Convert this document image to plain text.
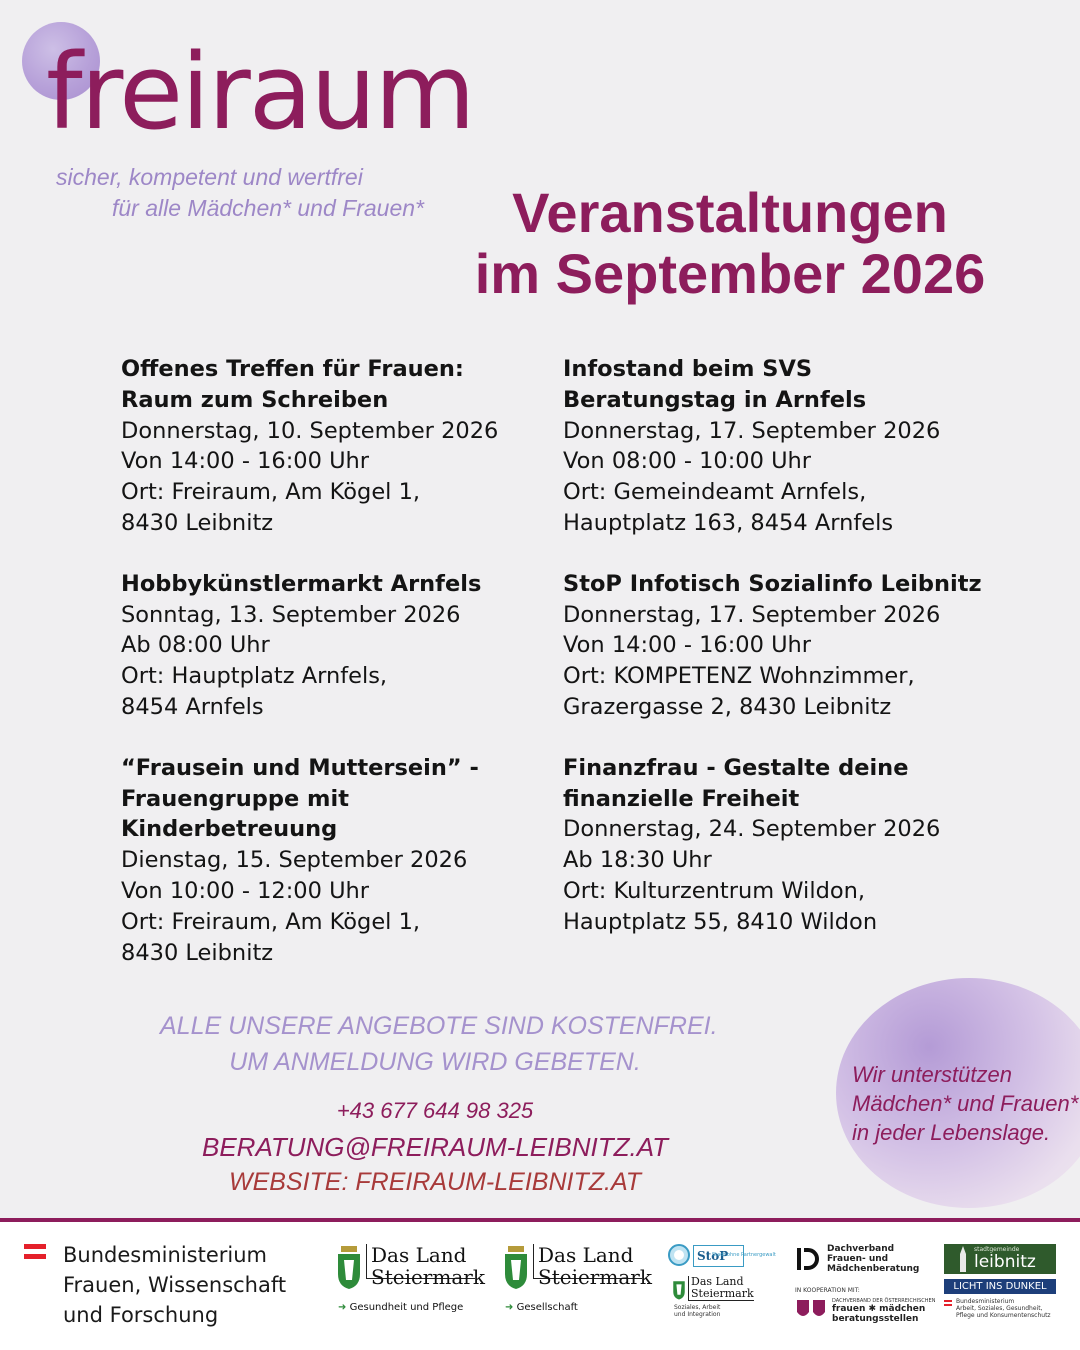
freiraum
sicher, kompetent und wertfrei
für alle Mädchen* und Frauen*	Veranstaltungen
im September 2026
Offenes Treffen für Frauen:
Raum zum Schreiben
Donnerstag, 10. September 2026
Von 14:00 - 16:00 Uhr
Ort: Freiraum, Am Kögel 1,
8430 Leibnitz
Hobbykünstlermarkt Arnfels
Sonntag, 13. September 2026
Ab 08:00 Uhr
Ort: Hauptplatz Arnfels,
8454 Arnfels
“Frausein und Muttersein” -
Frauengruppe mit
Kinderbetreuung
Dienstag, 15. September 2026
Von 10:00 - 12:00 Uhr
Ort: Freiraum, Am Kögel 1,
8430 Leibnitz
Infostand beim SVS
Beratungstag in Arnfels
Donnerstag, 17. September 2026
Von 08:00 - 10:00 Uhr
Ort: Gemeindeamt Arnfels,
Hauptplatz 163, 8454 Arnfels
StoP Infotisch Sozialinfo Leibnitz
Donnerstag, 17. September 2026
Von 14:00 - 16:00 Uhr
Ort: KOMPETENZ Wohnzimmer,
Grazergasse 2, 8430 Leibnitz
Finanzfrau - Gestalte deine
finanzielle Freiheit
Donnerstag, 24. September 2026
Ab 18:30 Uhr
Ort: Kulturzentrum Wildon,
Hauptplatz 55, 8410 Wildon
ALLE UNSERE ANGEBOTE SIND KOSTENFREI.
UM ANMELDUNG WIRD GEBETEN.
+43 677 644 98 325
BERATUNG@FREIRAUM-LEIBNITZ.AT
WEBSITE: FREIRAUM-LEIBNITZ.AT
Wir unterstützen
Mädchen* und Frauen*
in jeder Lebenslage.
Bundesministerium
Frauen, Wissenschaft
und Forschung
Das Land
Steiermark
➜ Gesundheit und Pflege
Das Land
Steiermark
➜ Gesellschaft
StoP
Stadt ohne Partnergewalt
Das Land
Steiermark
Soziales, Arbeit
und Integration
Dachverband
Frauen- und
Mädchenberatung
IN KOOPERATION MIT:
DACHVERBAND DER ÖSTERREICHISCHEN
frauen ✱ mädchen
beratungsstellen
stadtgemeinde
leibnitz
LICHT INS DUNKEL
Bundesministerium
Arbeit, Soziales, Gesundheit,
Pflege und Konsumentenschutz
